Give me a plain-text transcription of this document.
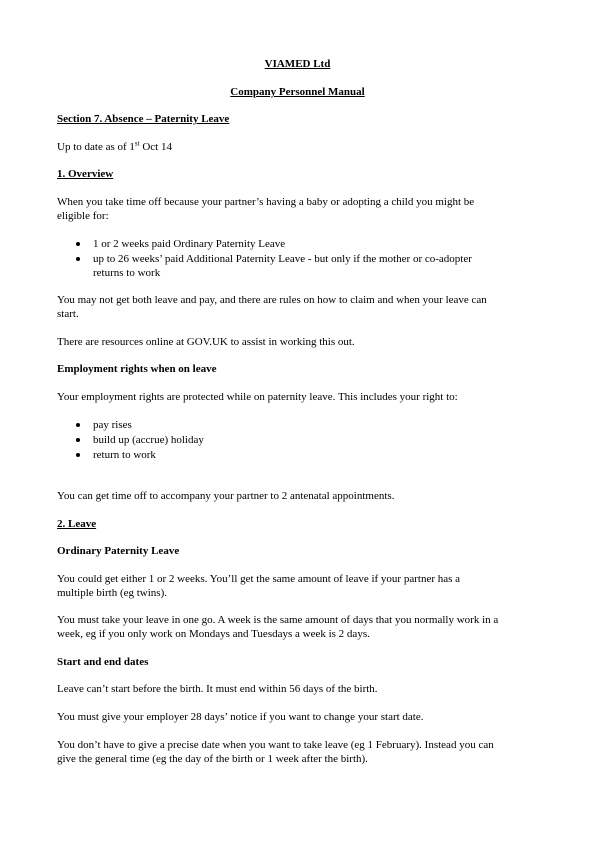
VIAMED Ltd
Company Personnel Manual
Section 7. Absence – Paternity Leave
Up to date as of 1st Oct 14
1. Overview
When you take time off because your partner’s having a baby or adopting a child you might be
eligible for:
1 or 2 weeks paid Ordinary Paternity Leave
up to 26 weeks’ paid Additional Paternity Leave - but only if the mother or co-adopter
returns to work
You may not get both leave and pay, and there are rules on how to claim and when your leave can
start.
There are resources online at GOV.UK to assist in working this out.
Employment rights when on leave
Your employment rights are protected while on paternity leave. This includes your right to:
pay rises
build up (accrue) holiday
return to work
You can get time off to accompany your partner to 2 antenatal appointments.
2. Leave
Ordinary Paternity Leave
You could get either 1 or 2 weeks. You’ll get the same amount of leave if your partner has a
multiple birth (eg twins).
You must take your leave in one go. A week is the same amount of days that you normally work in a
week, eg if you only work on Mondays and Tuesdays a week is 2 days.
Start and end dates
Leave can’t start before the birth. It must end within 56 days of the birth.
You must give your employer 28 days’ notice if you want to change your start date.
You don’t have to give a precise date when you want to take leave (eg 1 February). Instead you can
give the general time (eg the day of the birth or 1 week after the birth).
